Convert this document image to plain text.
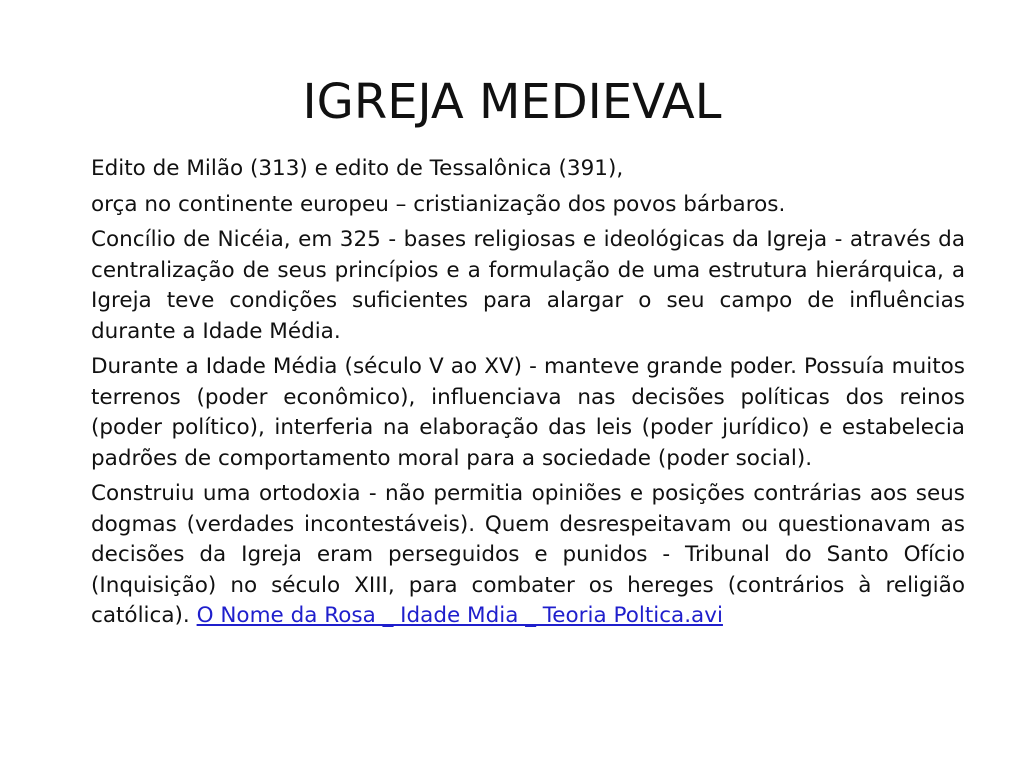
IGREJA MEDIEVAL

Edito de Milão (313) e edito de Tessalônica (391),

orça no continente europeu – cristianização dos povos bárbaros.

Concílio de Nicéia, em 325 - bases religiosas e ideológicas da Igreja - através da centralização de seus princípios e a formulação de uma estrutura hierárquica, a Igreja teve condições suficientes para alargar o seu campo de influências durante a Idade Média.

Durante a Idade Média (século V ao XV) - manteve grande poder. Possuía muitos terrenos (poder econômico), influenciava nas decisões políticas dos reinos (poder político), interferia na elaboração das leis (poder jurídico) e estabelecia padrões de comportamento moral para a sociedade (poder social).

Construiu uma ortodoxia - não permitia opiniões e posições contrárias aos seus dogmas (verdades incontestáveis). Quem desrespeitavam ou questionavam as decisões da Igreja eram perseguidos e punidos - Tribunal do Santo Ofício (Inquisição) no século XIII, para combater os hereges (contrários à religião católica). O Nome da Rosa _ Idade Mdia _ Teoria Poltica.avi
